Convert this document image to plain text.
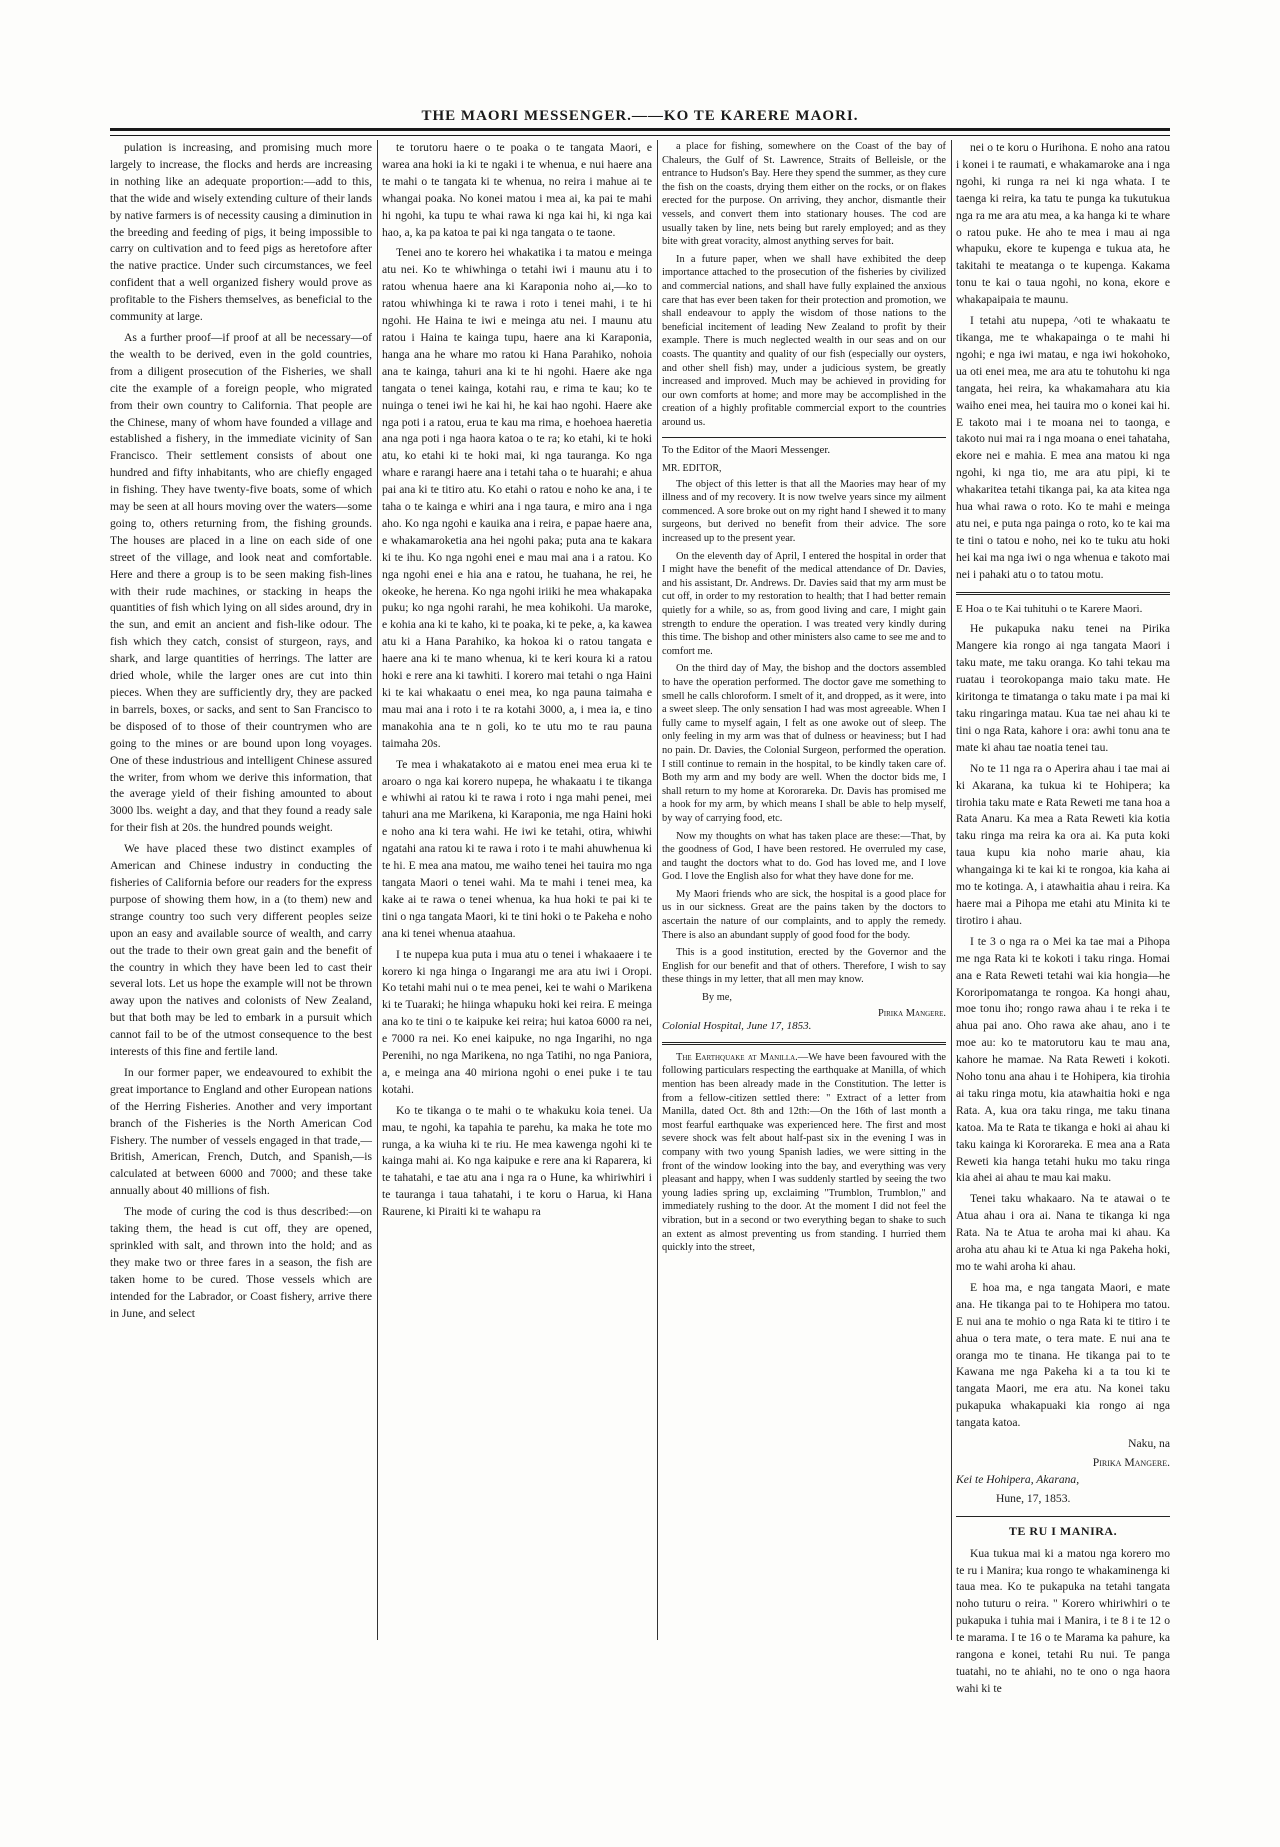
THE MAORI MESSENGER.——KO TE KARERE MAORI.

pulation is increasing, and promising much more largely to increase, the flocks and herds are increasing in nothing like an adequate proportion:—add to this, that the wide and wisely extending culture of their lands by native farmers is of necessity causing a diminution in the breeding and feeding of pigs, it being impossible to carry on cultivation and to feed pigs as heretofore after the native practice. Under such circumstances, we feel confident that a well organized fishery would prove as profitable to the Fishers themselves, as beneficial to the community at large.

As a further proof—if proof at all be necessary—of the wealth to be derived, even in the gold countries, from a diligent prosecution of the Fisheries, we shall cite the example of a foreign people, who migrated from their own country to California. That people are the Chinese, many of whom have founded a village and established a fishery, in the immediate vicinity of San Francisco. Their settlement consists of about one hundred and fifty inhabitants, who are chiefly engaged in fishing. They have twenty-five boats, some of which may be seen at all hours moving over the waters—some going to, others returning from, the fishing grounds. The houses are placed in a line on each side of one street of the village, and look neat and comfortable. Here and there a group is to be seen making fish-lines with their rude machines, or stacking in heaps the quantities of fish which lying on all sides around, dry in the sun, and emit an ancient and fish-like odour. The fish which they catch, consist of sturgeon, rays, and shark, and large quantities of herrings. The latter are dried whole, while the larger ones are cut into thin pieces. When they are sufficiently dry, they are packed in barrels, boxes, or sacks, and sent to San Francisco to be disposed of to those of their countrymen who are going to the mines or are bound upon long voyages. One of these industrious and intelligent Chinese assured the writer, from whom we derive this information, that the average yield of their fishing amounted to about 3000 lbs. weight a day, and that they found a ready sale for their fish at 20s. the hundred pounds weight.

We have placed these two distinct examples of American and Chinese industry in conducting the fisheries of California before our readers for the express purpose of showing them how, in a (to them) new and strange country too such very different peoples seize upon an easy and available source of wealth, and carry out the trade to their own great gain and the benefit of the country in which they have been led to cast their several lots. Let us hope the example will not be thrown away upon the natives and colonists of New Zealand, but that both may be led to embark in a pursuit which cannot fail to be of the utmost consequence to the best interests of this fine and fertile land.

In our former paper, we endeavoured to exhibit the great importance to England and other European nations of the Herring Fisheries. Another and very important branch of the Fisheries is the North American Cod Fishery. The number of vessels engaged in that trade,—British, American, French, Dutch, and Spanish,—is calculated at between 6000 and 7000; and these take annually about 40 millions of fish.

The mode of curing the cod is thus described:—on taking them, the head is cut off, they are opened, sprinkled with salt, and thrown into the hold; and as they make two or three fares in a season, the fish are taken home to be cured. Those vessels which are intended for the Labrador, or Coast fishery, arrive there in June, and select

te torutoru haere o te poaka o te tangata Maori, e warea ana hoki ia ki te ngaki i te whenua, e nui haere ana te mahi o te tangata ki te whenua, no reira i mahue ai te whangai poaka. No konei matou i mea ai, ka pai te mahi hi ngohi, ka tupu te whai rawa ki nga kai hi, ki nga kai hao, a, ka pa katoa te pai ki nga tangata o te taone.

Tenei ano te korero hei whakatika i ta matou e meinga atu nei. Ko te whiwhinga o tetahi iwi i maunu atu i to ratou whenua haere ana ki Karaponia noho ai,—ko to ratou whiwhinga ki te rawa i roto i tenei mahi, i te hi ngohi. He Haina te iwi e meinga atu nei. I maunu atu ratou i Haina te kainga tupu, haere ana ki Karaponia, hanga ana he whare mo ratou ki Hana Parahiko, nohoia ana te kainga, tahuri ana ki te hi ngohi. Haere ake nga tangata o tenei kainga, kotahi rau, e rima te kau; ko te nuinga o tenei iwi he kai hi, he kai hao ngohi. Haere ake nga poti i a ratou, erua te kau ma rima, e hoehoea haeretia ana nga poti i nga haora katoa o te ra; ko etahi, ki te hoki atu, ko etahi ki te hoki mai, ki nga tauranga. Ko nga whare e rarangi haere ana i tetahi taha o te huarahi; e ahua pai ana ki te titiro atu. Ko etahi o ratou e noho ke ana, i te taha o te kainga e whiri ana i nga taura, e miro ana i nga aho. Ko nga ngohi e kauika ana i reira, e papae haere ana, e whakamaroketia ana hei ngohi paka; puta ana te kakara ki te ihu. Ko nga ngohi enei e mau mai ana i a ratou. Ko nga ngohi enei e hia ana e ratou, he tuahana, he rei, he okeoke, he herena. Ko nga ngohi iriiki he mea whakapaka puku; ko nga ngohi rarahi, he mea kohikohi. Ua maroke, e kohia ana ki te kaho, ki te poaka, ki te peke, a, ka kawea atu ki a Hana Parahiko, ka hokoa ki o ratou tangata e haere ana ki te mano whenua, ki te keri koura ki a ratou hoki e rere ana ki tawhiti. I korero mai tetahi o nga Haini ki te kai whakaatu o enei mea, ko nga pauna taimaha e mau mai ana i roto i te ra kotahi 3000, a, i mea ia, e tino manakohia ana te n goli, ko te utu mo te rau pauna taimaha 20s.

Te mea i whakatakoto ai e matou enei mea erua ki te aroaro o nga kai korero nupepa, he whakaatu i te tikanga e whiwhi ai ratou ki te rawa i roto i nga mahi penei, mei tahuri ana me Marikena, ki Karaponia, me nga Haini hoki e noho ana ki tera wahi. He iwi ke tetahi, otira, whiwhi ngatahi ana ratou ki te rawa i roto i te mahi ahuwhenua ki te hi. E mea ana matou, me waiho tenei hei tauira mo nga tangata Maori o tenei wahi. Ma te mahi i tenei mea, ka kake ai te rawa o tenei whenua, ka hua hoki te pai ki te tini o nga tangata Maori, ki te tini hoki o te Pakeha e noho ana ki tenei whenua ataahua.

I te nupepa kua puta i mua atu o tenei i whakaaere i te korero ki nga hinga o Ingarangi me ara atu iwi i Oropi. Ko tetahi mahi nui o te mea penei, kei te wahi o Marikena ki te Tuaraki; he hiinga whapuku hoki kei reira. E meinga ana ko te tini o te kaipuke kei reira; hui katoa 6000 ra nei, e 7000 ra nei. Ko enei kaipuke, no nga Ingarihi, no nga Perenihi, no nga Marikena, no nga Tatihi, no nga Paniora, a, e meinga ana 40 miriona ngohi o enei puke i te tau kotahi.

Ko te tikanga o te mahi o te whakuku koia tenei. Ua mau, te ngohi, ka tapahia te parehu, ka maka he tote mo runga, a ka wiuha ki te riu. He mea kawenga ngohi ki te kainga mahi ai. Ko nga kaipuke e rere ana ki Raparera, ki te tahatahi, e tae atu ana i nga ra o Hune, ka whiriwhiri i te tauranga i taua tahatahi, i te koru o Harua, ki Hana Raurene, ki Piraiti ki te wahapu ra

a place for fishing, somewhere on the Coast of the bay of Chaleurs, the Gulf of St. Lawrence, Straits of Belleisle, or the entrance to Hudson's Bay. Here they spend the summer, as they cure the fish on the coasts, drying them either on the rocks, or on flakes erected for the purpose. On arriving, they anchor, dismantle their vessels, and convert them into stationary houses. The cod are usually taken by line, nets being but rarely employed; and as they bite with great voracity, almost anything serves for bait.

In a future paper, when we shall have exhibited the deep importance attached to the prosecution of the fisheries by civilized and commercial nations, and shall have fully explained the anxious care that has ever been taken for their protection and promotion, we shall endeavour to apply the wisdom of those nations to the beneficial incitement of leading New Zealand to profit by their example. There is much neglected wealth in our seas and on our coasts. The quantity and quality of our fish (especially our oysters, and other shell fish) may, under a judicious system, be greatly increased and improved. Much may be achieved in providing for our own comforts at home; and more may be accomplished in the creation of a highly profitable commercial export to the countries around us.

To the Editor of the Maori Messenger.
MR. EDITOR,

The object of this letter is that all the Maories may hear of my illness and of my recovery. It is now twelve years since my ailment commenced. A sore broke out on my right hand I shewed it to many surgeons, but derived no benefit from their advice. The sore increased up to the present year.

On the eleventh day of April, I entered the hospital in order that I might have the benefit of the medical attendance of Dr. Davies, and his assistant, Dr. Andrews. Dr. Davies said that my arm must be cut off, in order to my restoration to health; that I had better remain quietly for a while, so as, from good living and care, I might gain strength to endure the operation. I was treated very kindly during this time. The bishop and other ministers also came to see me and to comfort me.

On the third day of May, the bishop and the doctors assembled to have the operation performed. The doctor gave me something to smell he calls chloroform. I smelt of it, and dropped, as it were, into a sweet sleep. The only sensation I had was most agreeable. When I fully came to myself again, I felt as one awoke out of sleep. The only feeling in my arm was that of dulness or heaviness; but I had no pain. Dr. Davies, the Colonial Surgeon, performed the operation. I still continue to remain in the hospital, to be kindly taken care of. Both my arm and my body are well. When the doctor bids me, I shall return to my home at Kororareka. Dr. Davis has promised me a hook for my arm, by which means I shall be able to help myself, by way of carrying food, etc.

Now my thoughts on what has taken place are these:—That, by the goodness of God, I have been restored. He overruled my case, and taught the doctors what to do. God has loved me, and I love God. I love the English also for what they have done for me.

My Maori friends who are sick, the hospital is a good place for us in our sickness. Great are the pains taken by the doctors to ascertain the nature of our complaints, and to apply the remedy. There is also an abundant supply of good food for the body.

This is a good institution, erected by the Governor and the English for our benefit and that of others. Therefore, I wish to say these things in my letter, that all men may know.

By me,
Pirika Mangere.
Colonial Hospital, June 17, 1853.

The Earthquake at Manilla.—We have been favoured with the following particulars respecting the earthquake at Manilla, of which mention has been already made in the Constitution. The letter is from a fellow-citizen settled there: " Extract of a letter from Manilla, dated Oct. 8th and 12th:—On the 16th of last month a most fearful earthquake was experienced here. The first and most severe shock was felt about half-past six in the evening I was in company with two young Spanish ladies, we were sitting in the front of the window looking into the bay, and everything was very pleasant and happy, when I was suddenly startled by seeing the two young ladies spring up, exclaiming "Trumblon, Trumblon," and immediately rushing to the door. At the moment I did not feel the vibration, but in a second or two everything began to shake to such an extent as almost preventing us from standing. I hurried them quickly into the street,

nei o te koru o Hurihona. E noho ana ratou i konei i te raumati, e whakamaroke ana i nga ngohi, ki runga ra nei ki nga whata. I te taenga ki reira, ka tatu te punga ka tukutukua nga ra me ara atu mea, a ka hanga ki te whare o ratou puke. He aho te mea i mau ai nga whapuku, ekore te kupenga e tukua ata, he takitahi te meatanga o te kupenga. Kakama tonu te kai o taua ngohi, no kona, ekore e whakapaipaia te maunu.

I tetahi atu nupepa, ^oti te whakaatu te tikanga, me te whakapainga o te mahi hi ngohi; e nga iwi matau, e nga iwi hokohoko, ua oti enei mea, me ara atu te tohutohu ki nga tangata, hei reira, ka whakamahara atu kia waiho enei mea, hei tauira mo o konei kai hi. E takoto mai i te moana nei to taonga, e takoto nui mai ra i nga moana o enei tahataha, ekore nei e mahia. E mea ana matou ki nga ngohi, ki nga tio, me ara atu pipi, ki te whakaritea tetahi tikanga pai, ka ata kitea nga hua whai rawa o roto. Ko te mahi e meinga atu nei, e puta nga painga o roto, ko te kai ma te tini o tatou e noho, nei ko te tuku atu hoki hei kai ma nga iwi o nga whenua e takoto mai nei i pahaki atu o to tatou motu.

E Hoa o te Kai tuhituhi o te Karere Maori.

He pukapuka naku tenei na Pirika Mangere kia rongo ai nga tangata Maori i taku mate, me taku oranga. Ko tahi tekau ma ruatau i teorokopanga maio taku mate. He kiritonga te timatanga o taku mate i pa mai ki taku ringaringa matau. Kua tae nei ahau ki te tini o nga Rata, kahore i ora: awhi tonu ana te mate ki ahau tae noatia tenei tau.

No te 11 nga ra o Aperira ahau i tae mai ai ki Akarana, ka tukua ki te Hohipera; ka tirohia taku mate e Rata Reweti me tana hoa a Rata Anaru. Ka mea a Rata Reweti kia kotia taku ringa ma reira ka ora ai. Ka puta koki taua kupu kia noho marie ahau, kia whangainga ki te kai ki te rongoa, kia kaha ai mo te kotinga. A, i atawhaitia ahau i reira. Ka haere mai a Pihopa me etahi atu Minita ki te tirotiro i ahau.

I te 3 o nga ra o Mei ka tae mai a Pihopa me nga Rata ki te kokoti i taku ringa. Homai ana e Rata Reweti tetahi wai kia hongia—he Kororipomatanga te rongoa. Ka hongi ahau, moe tonu iho; rongo rawa ahau i te reka i te ahua pai ano. Oho rawa ake ahau, ano i te moe au: ko te matorutoru kau te mau ana, kahore he mamae. Na Rata Reweti i kokoti. Noho tonu ana ahau i te Hohipera, kia tirohia ai taku ringa motu, kia atawhaitia hoki e nga Rata. A, kua ora taku ringa, me taku tinana katoa. Ma te Rata te tikanga e hoki ai ahau ki taku kainga ki Kororareka. E mea ana a Rata Reweti kia hanga tetahi huku mo taku ringa kia ahei ai ahau te mau kai maku.

Tenei taku whakaaro. Na te atawai o te Atua ahau i ora ai. Nana te tikanga ki nga Rata. Na te Atua te aroha mai ki ahau. Ka aroha atu ahau ki te Atua ki nga Pakeha hoki, mo te wahi aroha ki ahau.

E hoa ma, e nga tangata Maori, e mate ana. He tikanga pai to te Hohipera mo tatou. E nui ana te mohio o nga Rata ki te titiro i te ahua o tera mate, o tera mate. E nui ana te oranga mo te tinana. He tikanga pai to te Kawana me nga Pakeha ki a ta tou ki te tangata Maori, me era atu. Na konei taku pukapuka whakapuaki kia rongo ai nga tangata katoa.

Naku, na
Pirika Mangere.
Kei te Hohipera, Akarana,
Hune, 17, 1853.
TE RU I MANIRA.

Kua tukua mai ki a matou nga korero mo te ru i Manira; kua rongo te whakaminenga ki taua mea. Ko te pukapuka na tetahi tangata noho tuturu o reira. " Korero whiriwhiri o te pukapuka i tuhia mai i Manira, i te 8 i te 12 o te marama. I te 16 o te Marama ka pahure, ka rangona e konei, tetahi Ru nui. Te panga tuatahi, no te ahiahi, no te ono o nga haora wahi ki te
